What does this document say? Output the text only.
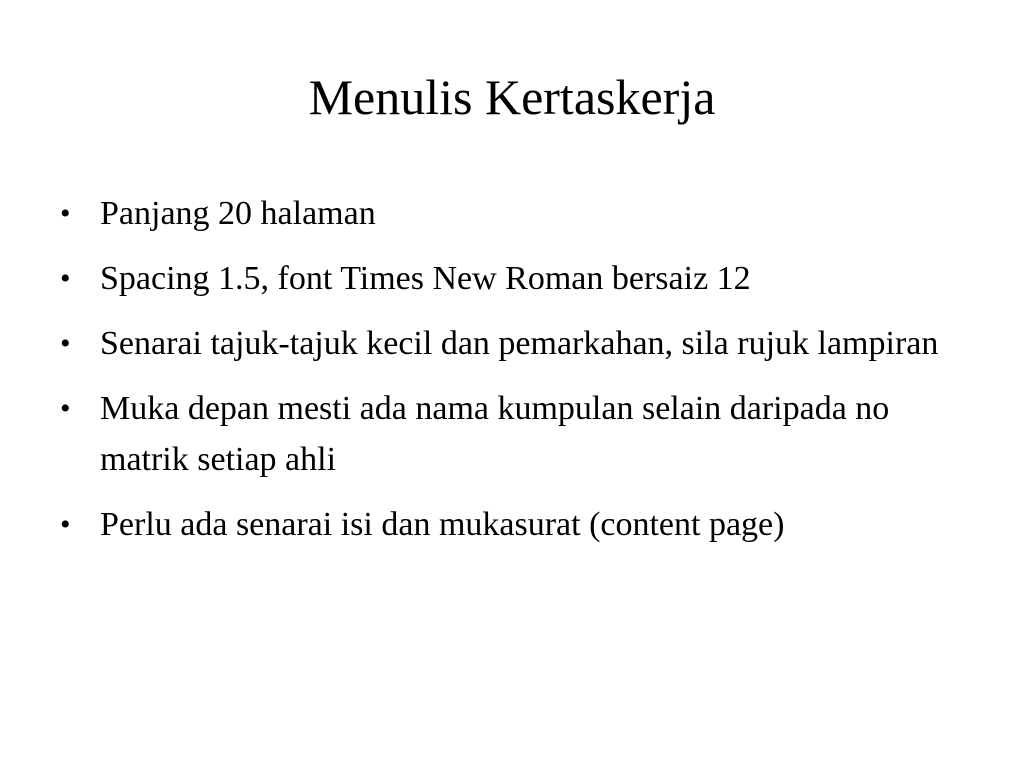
Menulis Kertaskerja
• Panjang 20 halaman
• Spacing 1.5, font Times New Roman bersaiz 12
• Senarai tajuk-tajuk kecil dan pemarkahan, sila rujuk lampiran
• Muka depan mesti ada nama kumpulan selain daripada no matrik setiap ahli
• Perlu ada senarai isi dan mukasurat (content page)
